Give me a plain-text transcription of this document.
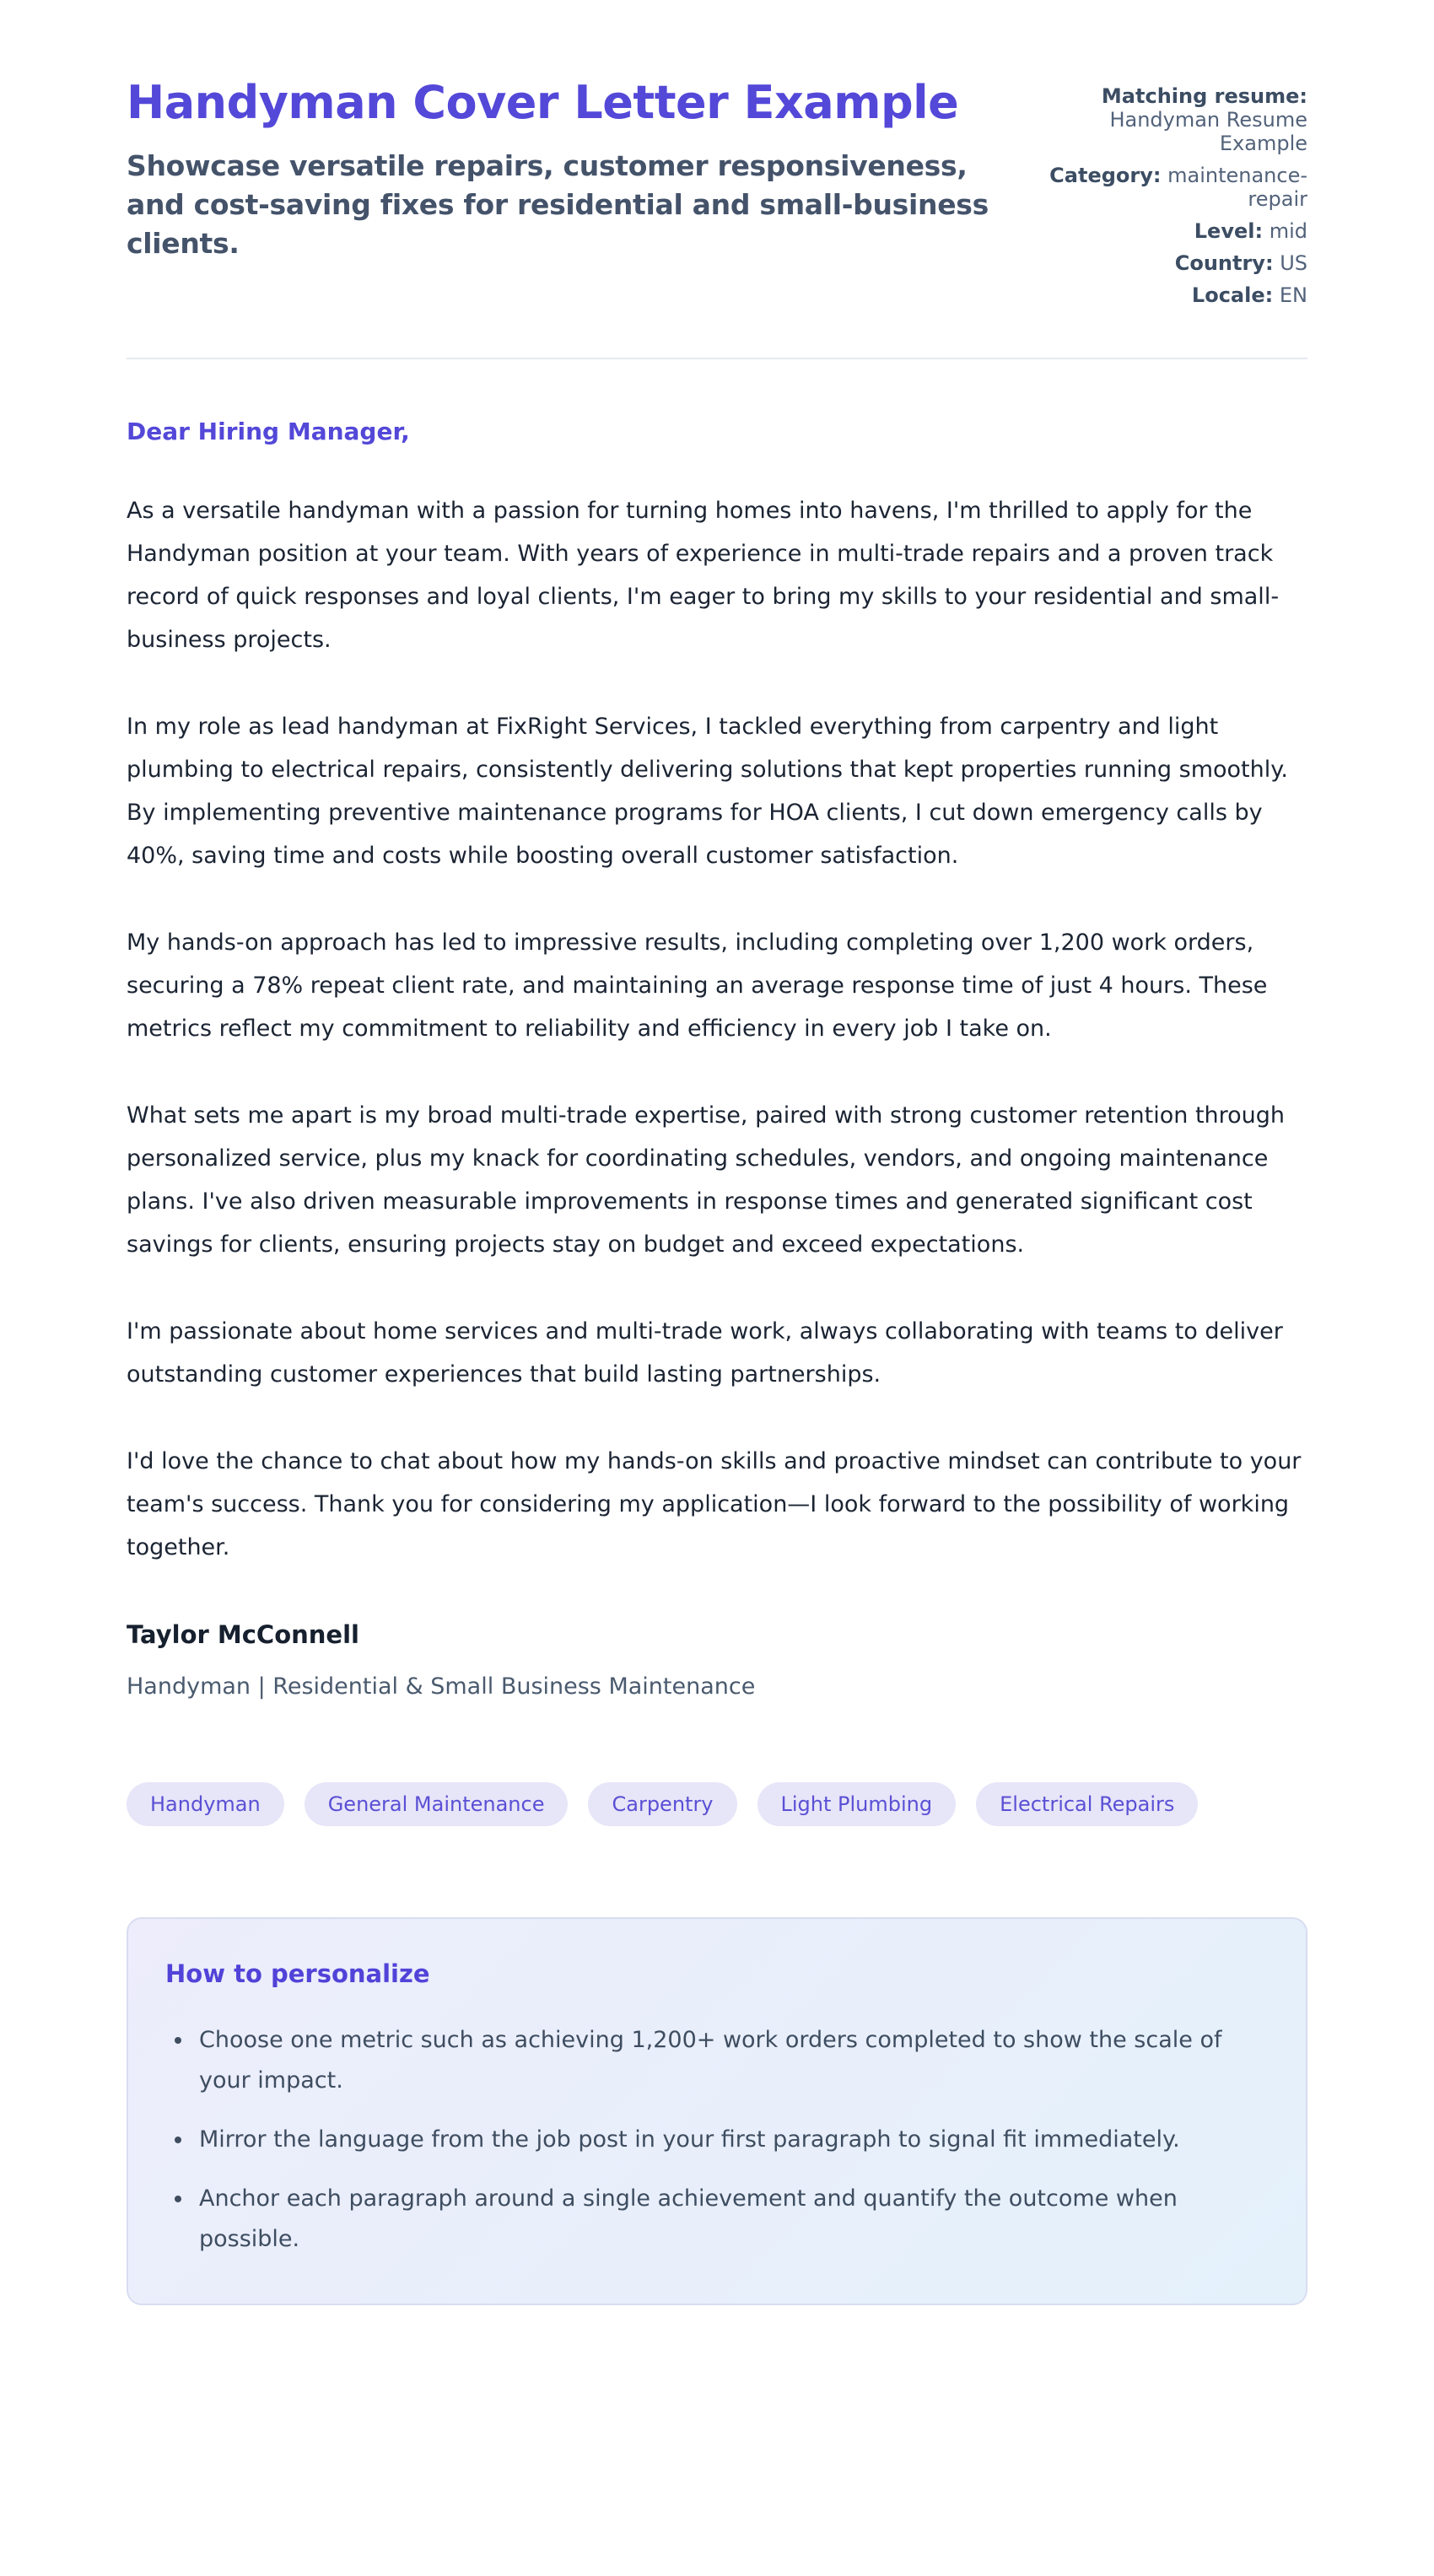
Handyman Cover Letter Example

Showcase versatile repairs, customer responsiveness, and cost-saving fixes for residential and small-business clients.

Matching resume: Handyman Resume Example
Category: maintenance-repair
Level: mid
Country: US
Locale: EN

Dear Hiring Manager,

As a versatile handyman with a passion for turning homes into havens, I'm thrilled to apply for the Handyman position at your team. With years of experience in multi-trade repairs and a proven track record of quick responses and loyal clients, I'm eager to bring my skills to your residential and small-business projects.

In my role as lead handyman at FixRight Services, I tackled everything from carpentry and light plumbing to electrical repairs, consistently delivering solutions that kept properties running smoothly. By implementing preventive maintenance programs for HOA clients, I cut down emergency calls by 40%, saving time and costs while boosting overall customer satisfaction.

My hands-on approach has led to impressive results, including completing over 1,200 work orders, securing a 78% repeat client rate, and maintaining an average response time of just 4 hours. These metrics reflect my commitment to reliability and efficiency in every job I take on.

What sets me apart is my broad multi-trade expertise, paired with strong customer retention through personalized service, plus my knack for coordinating schedules, vendors, and ongoing maintenance plans. I've also driven measurable improvements in response times and generated significant cost savings for clients, ensuring projects stay on budget and exceed expectations.

I'm passionate about home services and multi-trade work, always collaborating with teams to deliver outstanding customer experiences that build lasting partnerships.

I'd love the chance to chat about how my hands-on skills and proactive mindset can contribute to your team's success. Thank you for considering my application—I look forward to the possibility of working together.

Taylor McConnell

Handyman | Residential & Small Business Maintenance

Handyman	General Maintenance	Carpentry	Light Plumbing	Electrical Repairs
How to personalize
• Choose one metric such as achieving 1,200+ work orders completed to show the scale of your impact.
• Mirror the language from the job post in your first paragraph to signal fit immediately.
• Anchor each paragraph around a single achievement and quantify the outcome when possible.
